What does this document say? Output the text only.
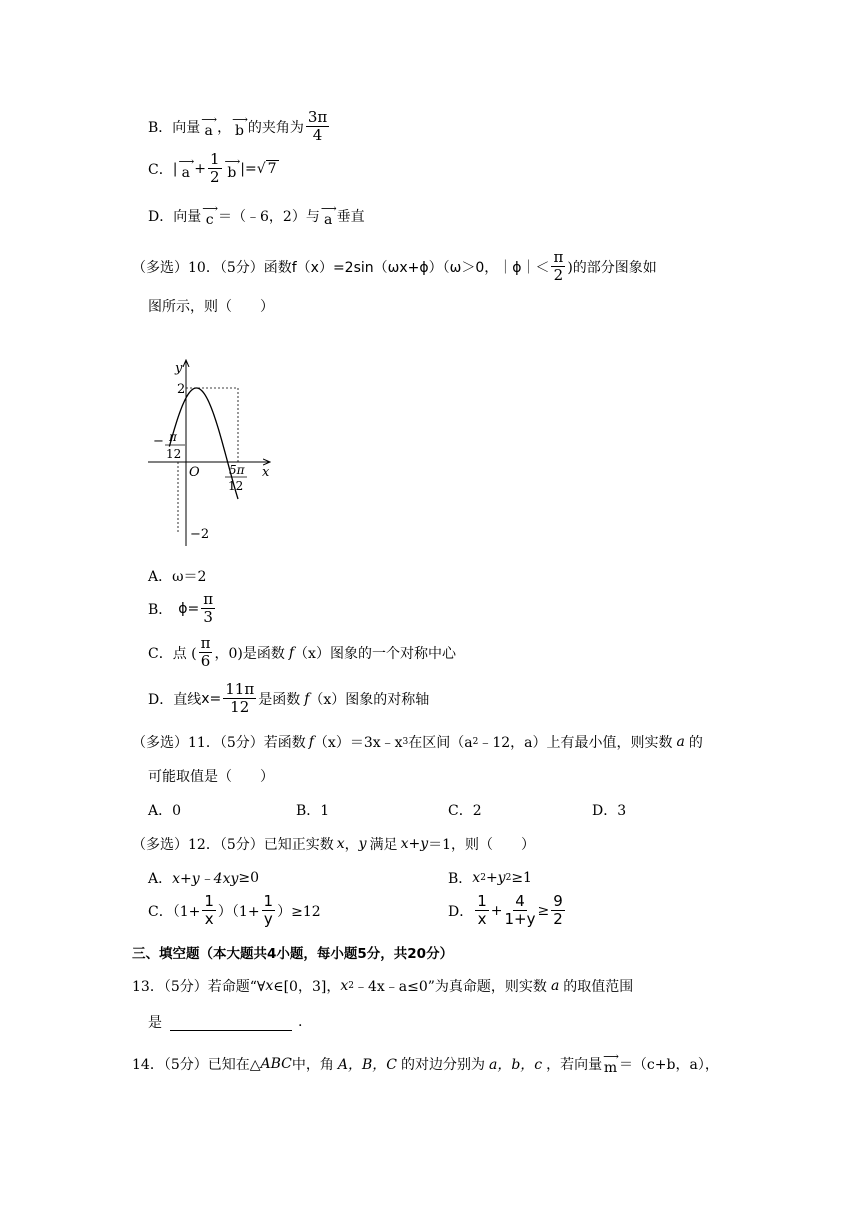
B．向量 ⟶
a ， ⟶
b 的夹角为 $\frac{3\pi}{4}$
C． | ⟶
$a + \frac{1}{2}$ ⟶
b |= √ 7
D．向量 ⟶
c ＝（﹣6，2）与 ⟶
a 垂直
（多选）10．（5分）函数 f（x）=2sin（ωx+ϕ）（ω＞0，｜ϕ｜＜ $\frac{\pi}{2}$ )的部分图象如
图所示，则（　　）
y
x
O
2
−2
− π
12
5π
12
A．ω＝2
B． $\phi= \frac{\pi}{3}$
C．点 ( $\frac{\pi}{6}$ ，0) 是函数 f （x）图象的一个对称中心
D．直线 $x= \frac{11\pi}{12}$ 是函数 f （x）图象的对称轴
（多选）11．（5分）若函数 f （x）＝3x﹣x 3 在区间（a 2 ﹣12，a）上有最小值，则实数 a 的
可能取值是（　　）
A．0	B．1	C．2	D．3
（多选）12．（5分）已知正实数 x ， y 满足 x+y ＝1，则（　　）
A． x+y﹣4xy ≥0	B． x 2 + y 2 ≥1
C．$(1+ \frac{1}{x} )(1+ \frac{1}{y} )\ge 12$	D． $\frac{1}{x} + \frac{4}{1+y} \ge \frac{9}{2}$
三、填空题（本大题共4小题，每小题5分，共20分）
13．（5分）若命题“∀ x ∈[0，3]， x 2 ﹣4x﹣a≤0”为真命题，则实数 a 的取值范围
是	.
14．（5分）已知在△ ABC 中，角 A，B，C 的对边分别为 a，b，c ，若向量 ⟶
m ＝（c+b，a），
